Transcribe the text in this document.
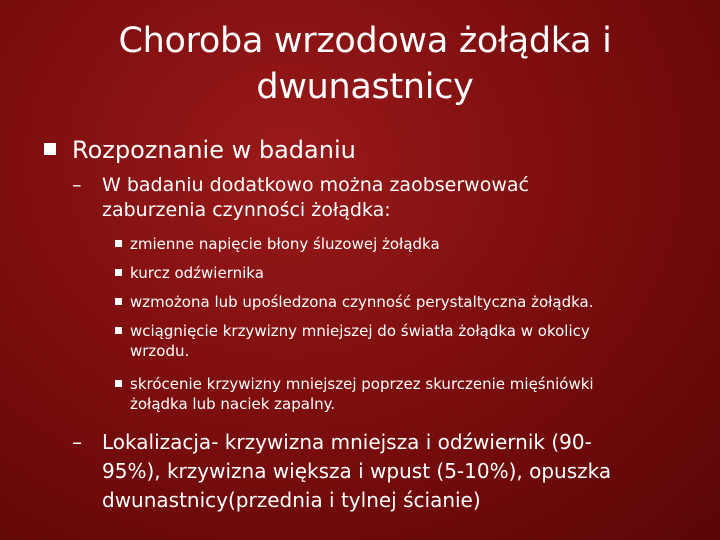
Choroba wrzodowa żołądka i
dwunastnicy
Rozpoznanie w badaniu
– W badaniu dodatkowo można zaobserwować
zaburzenia czynności żołądka:
zmienne napięcie błony śluzowej żołądka
kurcz odźwiernika
wzmożona lub upośledzona czynność perystaltyczna żołądka.
wciągnięcie krzywizny mniejszej do światła żołądka w okolicy
wrzodu.
skrócenie krzywizny mniejszej poprzez skurczenie mięśniówki
żołądka lub naciek zapalny.
– Lokalizacja- krzywizna mniejsza i odźwiernik (90-
95%), krzywizna większa i wpust (5-10%), opuszka
dwunastnicy(przednia i tylnej ścianie)
